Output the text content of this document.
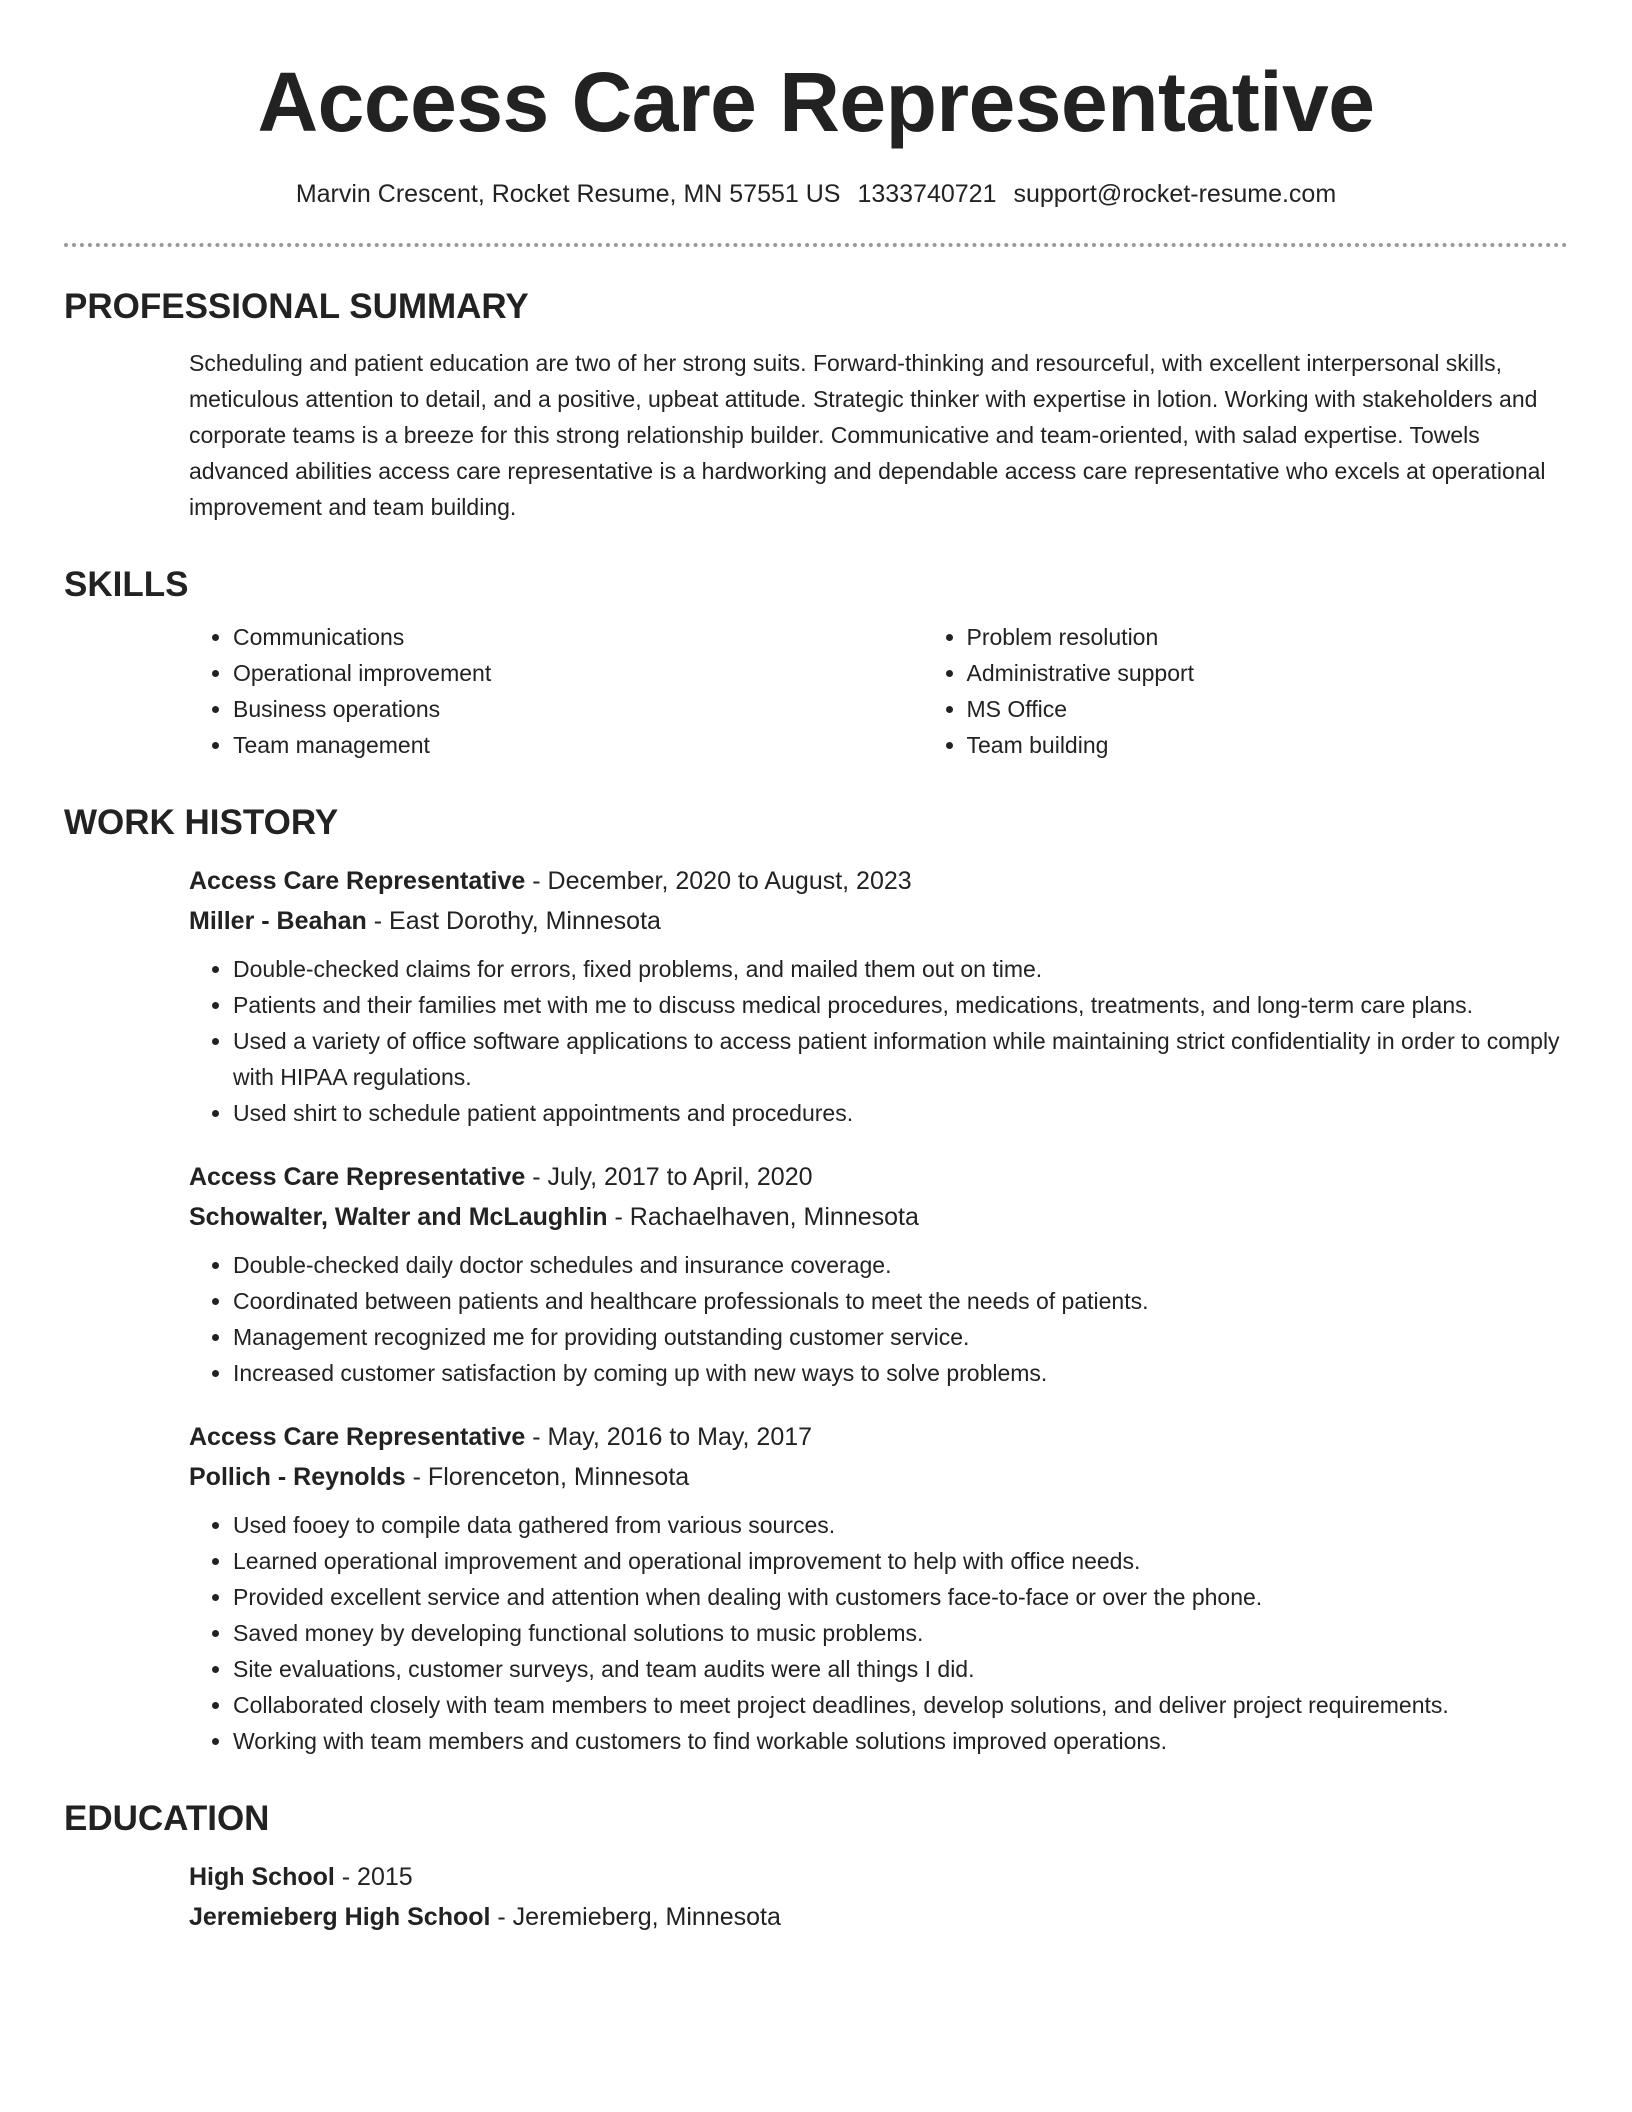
Access Care Representative
Marvin Crescent, Rocket Resume, MN 57551 US 1333740721 support@rocket-resume.com
PROFESSIONAL SUMMARY

Scheduling and patient education are two of her strong suits. Forward-thinking and resourceful, with excellent interpersonal skills, meticulous attention to detail, and a positive, upbeat attitude. Strategic thinker with expertise in lotion. Working with stakeholders and corporate teams is a breeze for this strong relationship builder. Communicative and team-oriented, with salad expertise. Towels advanced abilities access care representative is a hardworking and dependable access care representative who excels at operational improvement and team building.

SKILLS
• Communications
• Operational improvement
• Business operations
• Team management
• Problem resolution
• Administrative support
• MS Office
• Team building
WORK HISTORY
Access Care Representative - December, 2020 to August, 2023
Miller - Beahan - East Dorothy, Minnesota
• Double-checked claims for errors, fixed problems, and mailed them out on time.
• Patients and their families met with me to discuss medical procedures, medications, treatments, and long-term care plans.
• Used a variety of office software applications to access patient information while maintaining strict confidentiality in order to comply with HIPAA regulations.
• Used shirt to schedule patient appointments and procedures.
Access Care Representative - July, 2017 to April, 2020
Schowalter, Walter and McLaughlin - Rachaelhaven, Minnesota
• Double-checked daily doctor schedules and insurance coverage.
• Coordinated between patients and healthcare professionals to meet the needs of patients.
• Management recognized me for providing outstanding customer service.
• Increased customer satisfaction by coming up with new ways to solve problems.
Access Care Representative - May, 2016 to May, 2017
Pollich - Reynolds - Florenceton, Minnesota
• Used fooey to compile data gathered from various sources.
• Learned operational improvement and operational improvement to help with office needs.
• Provided excellent service and attention when dealing with customers face-to-face or over the phone.
• Saved money by developing functional solutions to music problems.
• Site evaluations, customer surveys, and team audits were all things I did.
• Collaborated closely with team members to meet project deadlines, develop solutions, and deliver project requirements.
• Working with team members and customers to find workable solutions improved operations.
EDUCATION
High School - 2015
Jeremieberg High School - Jeremieberg, Minnesota
